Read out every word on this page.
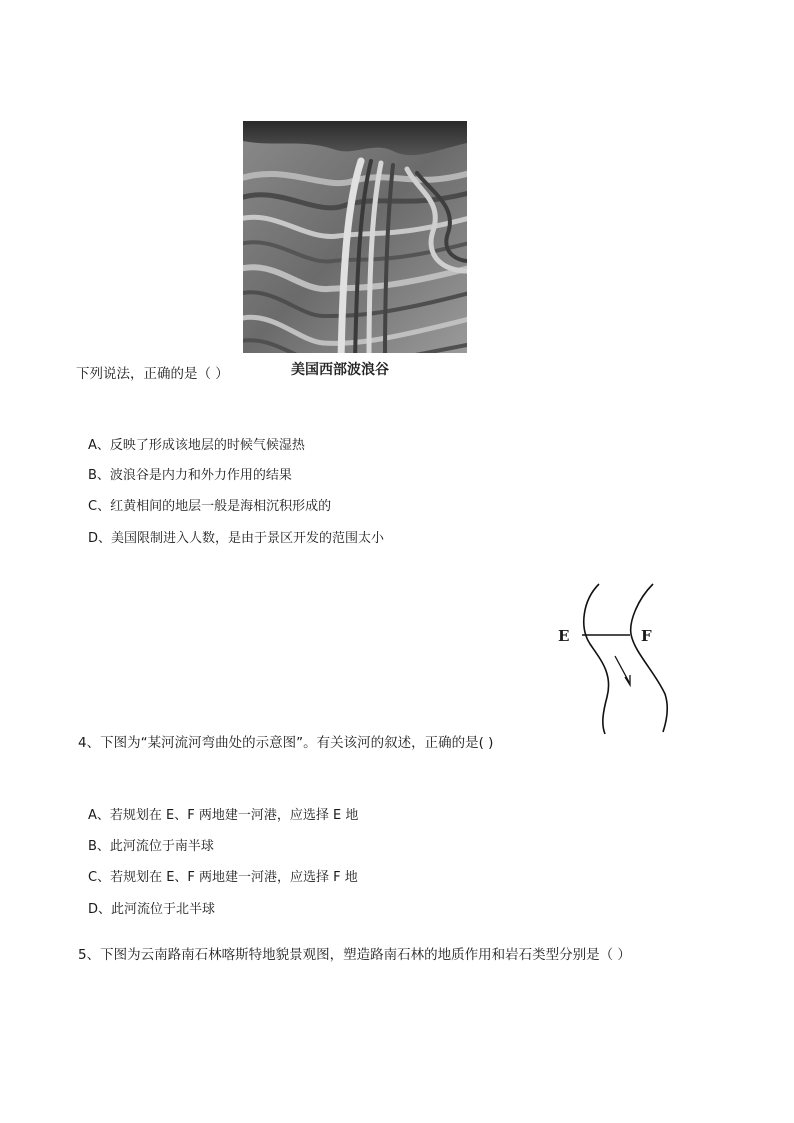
美国西部波浪谷
下列说法，正确的是（ ）
A、反映了形成该地层的时候气候湿热
B、波浪谷是内力和外力作用的结果
C、红黄相间的地层一般是海相沉积形成的
D、美国限制进入人数，是由于景区开发的范围太小
E	F
4、下图为“某河流河弯曲处的示意图”。有关该河的叙述，正确的是( )
A、若规划在 E、F 两地建一河港，应选择 E 地
B、此河流位于南半球
C、若规划在 E、F 两地建一河港，应选择 F 地
D、此河流位于北半球
5、下图为云南路南石林喀斯特地貌景观图，塑造路南石林的地质作用和岩石类型分别是（ ）
